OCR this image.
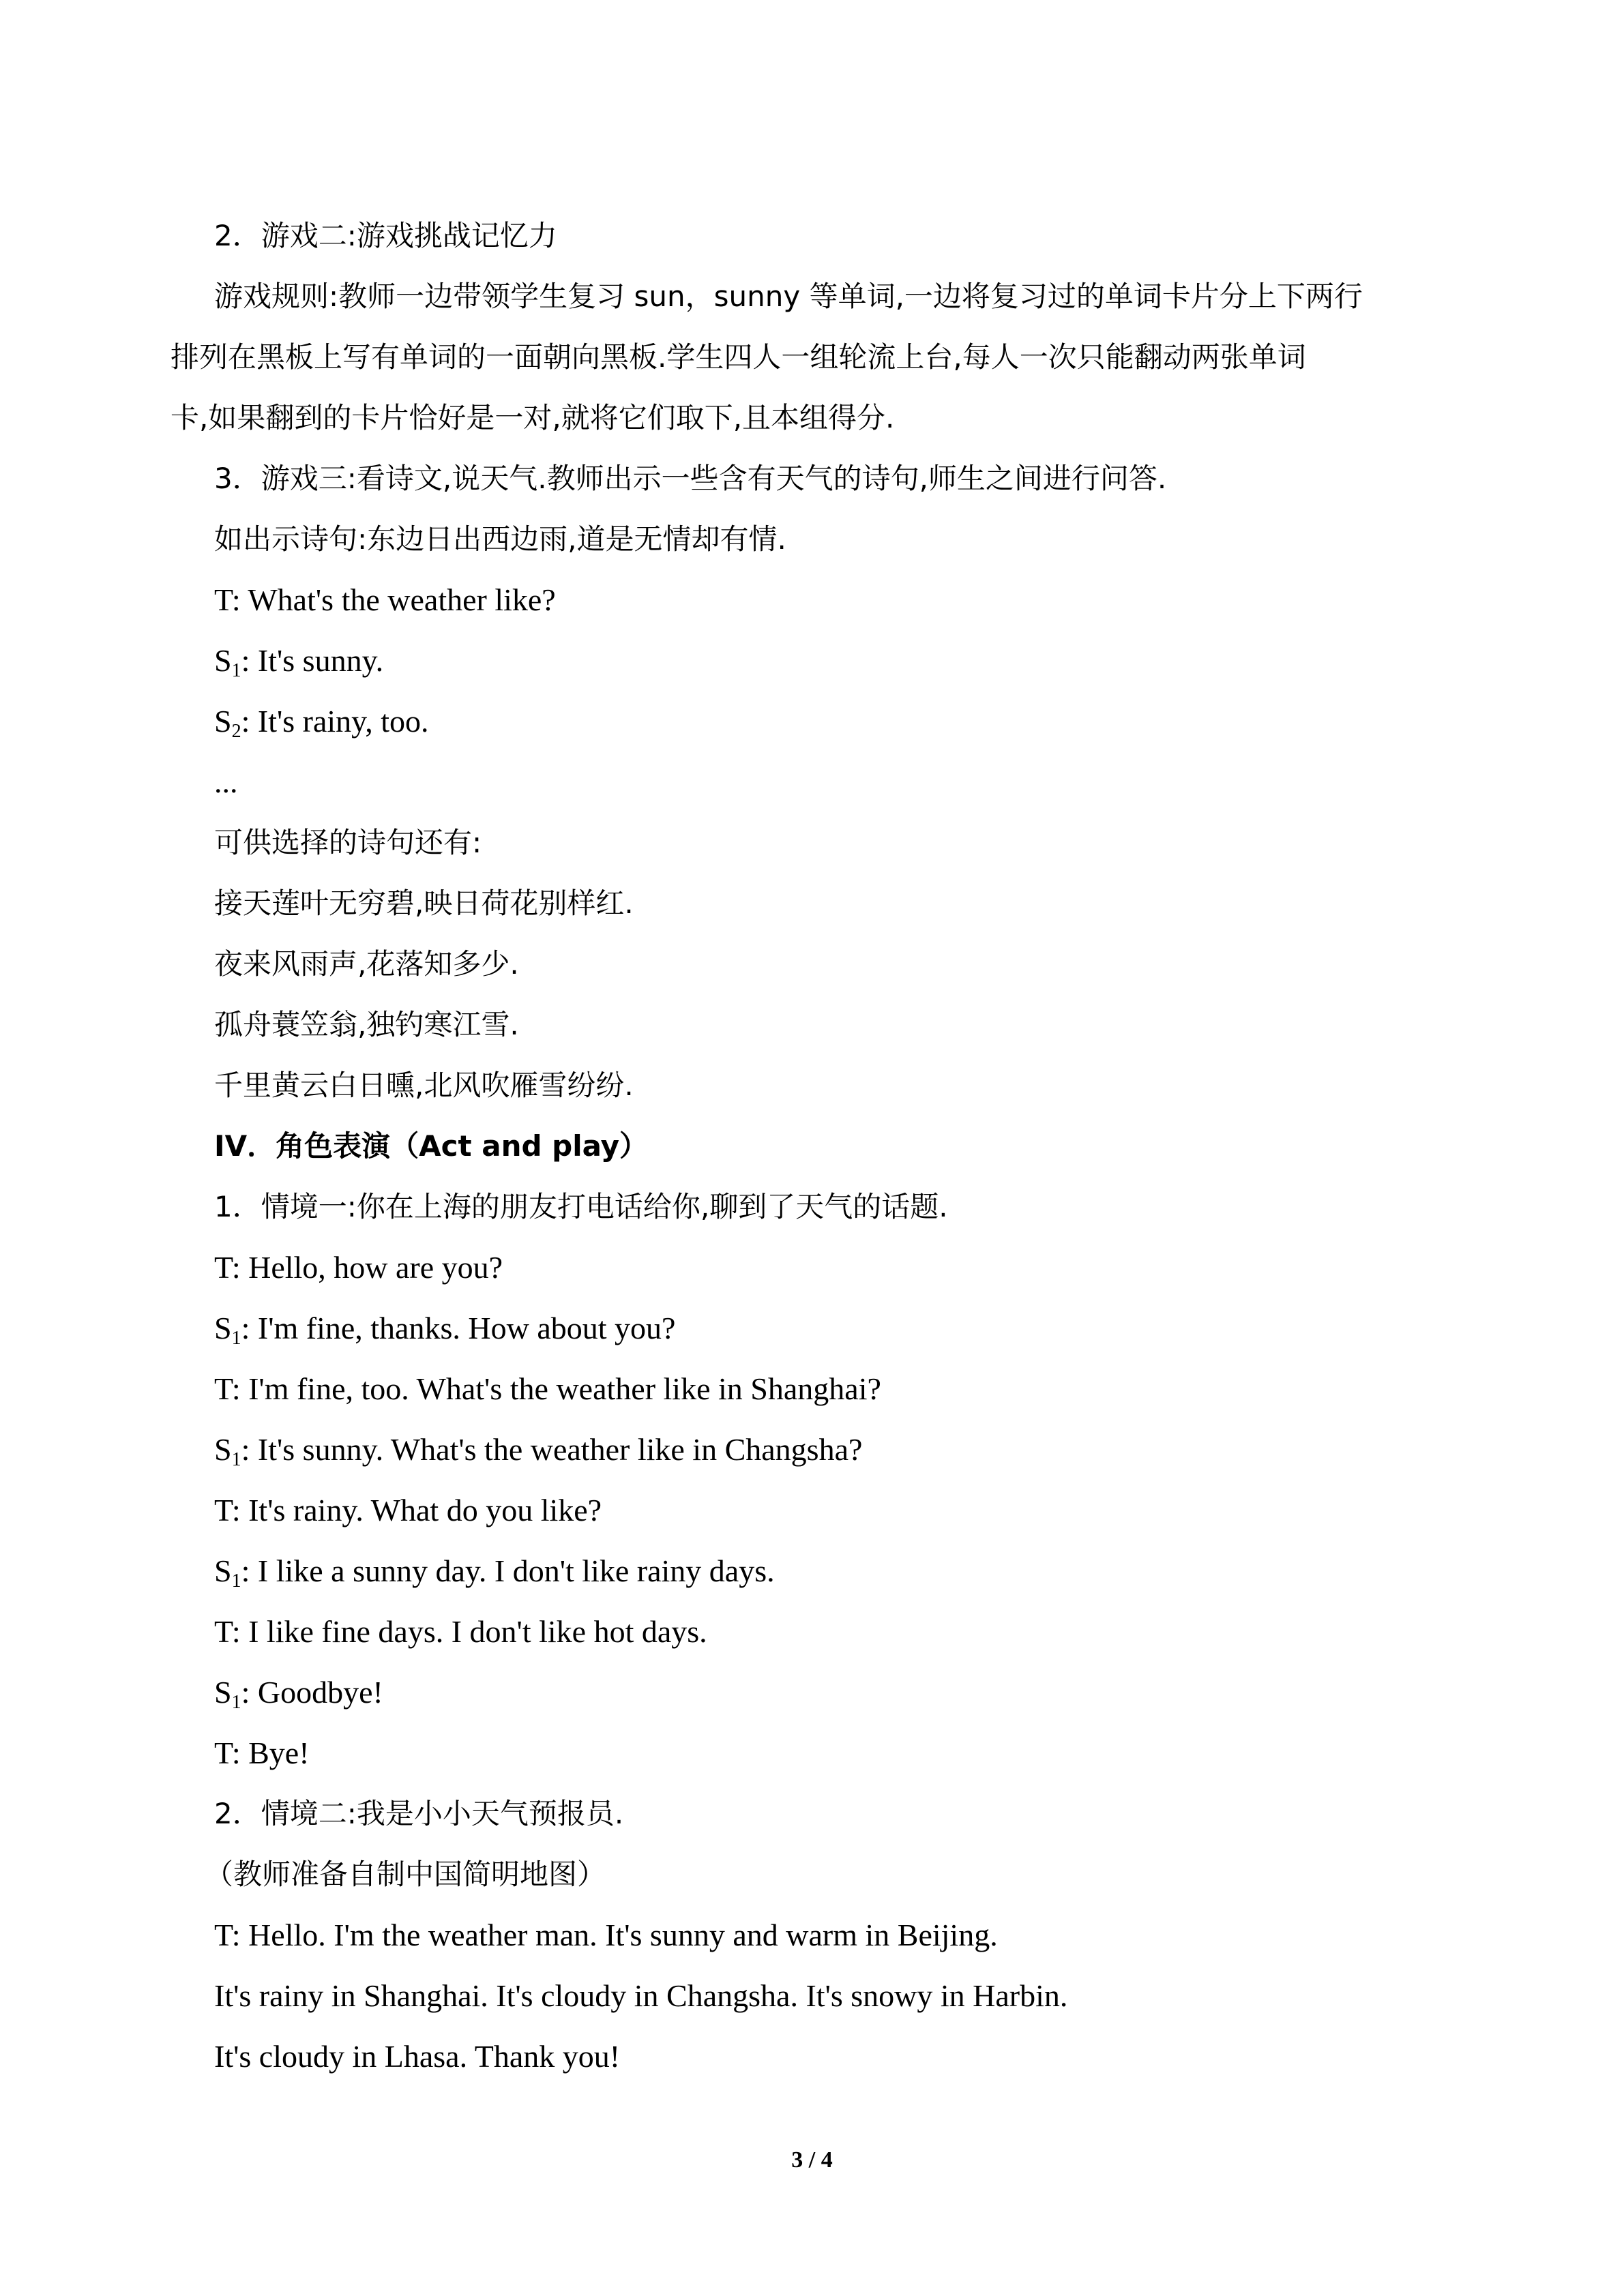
2．游戏二:游戏挑战记忆力
游戏规则:教师一边带领学生复习 sun，sunny 等单词,一边将复习过的单词卡片分上下两行
排列在黑板上写有单词的一面朝向黑板.学生四人一组轮流上台,每人一次只能翻动两张单词
卡,如果翻到的卡片恰好是一对,就将它们取下,且本组得分.
3．游戏三:看诗文,说天气.教师出示一些含有天气的诗句,师生之间进行问答.
如出示诗句:东边日出西边雨,道是无情却有情.
T: What's the weather like?
$S_1$: It's sunny.
$S_2$: It's rainy, too.
...
可供选择的诗句还有:
接天莲叶无穷碧,映日荷花别样红.
夜来风雨声,花落知多少.
孤舟蓑笠翁,独钓寒江雪.
千里黄云白日曛,北风吹雁雪纷纷.
IV．角色表演（Act and play）
1．情境一:你在上海的朋友打电话给你,聊到了天气的话题.
T: Hello, how are you?
$S_1$: I'm fine, thanks. How about you?
T: I'm fine, too. What's the weather like in Shanghai?
$S_1$: It's sunny. What's the weather like in Changsha?
T: It's rainy. What do you like?
$S_1$: I like a sunny day. I don't like rainy days.
T: I like fine days. I don't like hot days.
$S_1$: Goodbye!
T: Bye!
2．情境二:我是小小天气预报员.
（教师准备自制中国简明地图）
T: Hello. I'm the weather man. It's sunny and warm in Beijing.
It's rainy in Shanghai. It's cloudy in Changsha. It's snowy in Harbin.
It's cloudy in Lhasa. Thank you!
3 / 4
